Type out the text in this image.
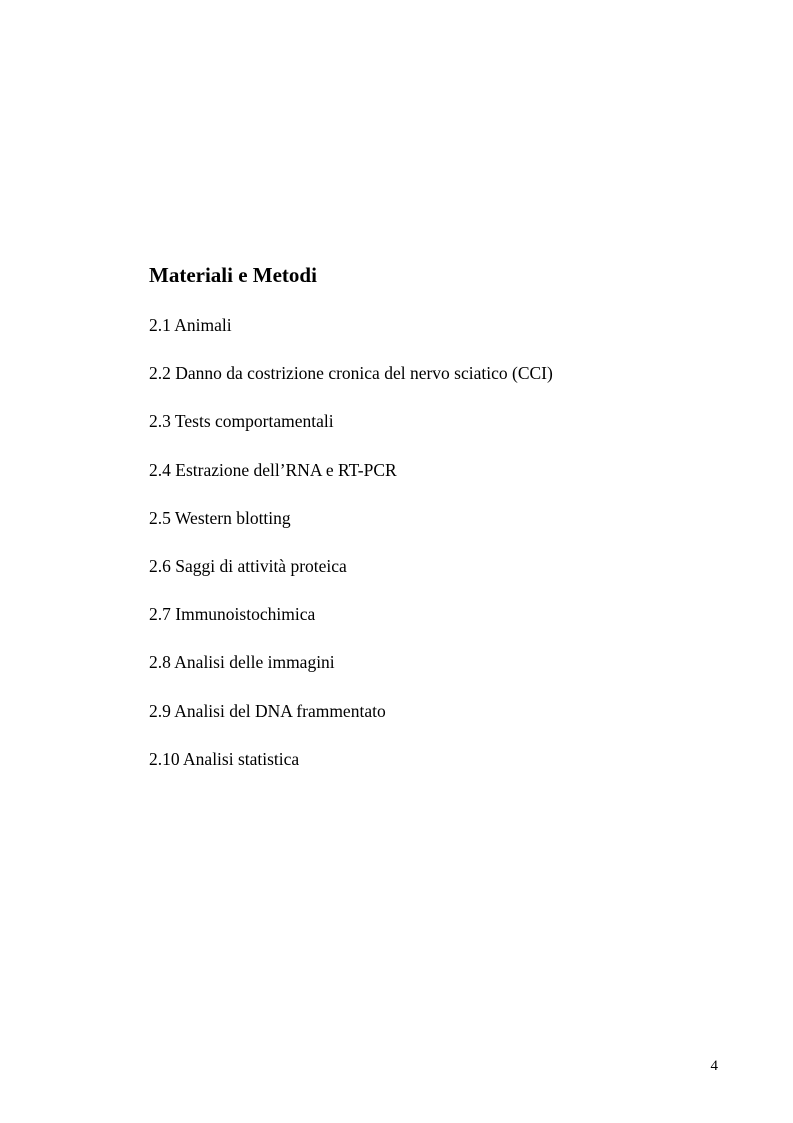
Materiali e Metodi
2.1 Animali
2.2 Danno da costrizione cronica del nervo sciatico (CCI)
2.3 Tests comportamentali
2.4 Estrazione dell’RNA e RT-PCR
2.5 Western blotting
2.6 Saggi di attività proteica
2.7 Immunoistochimica
2.8 Analisi delle immagini
2.9 Analisi del DNA frammentato
2.10 Analisi statistica
4
